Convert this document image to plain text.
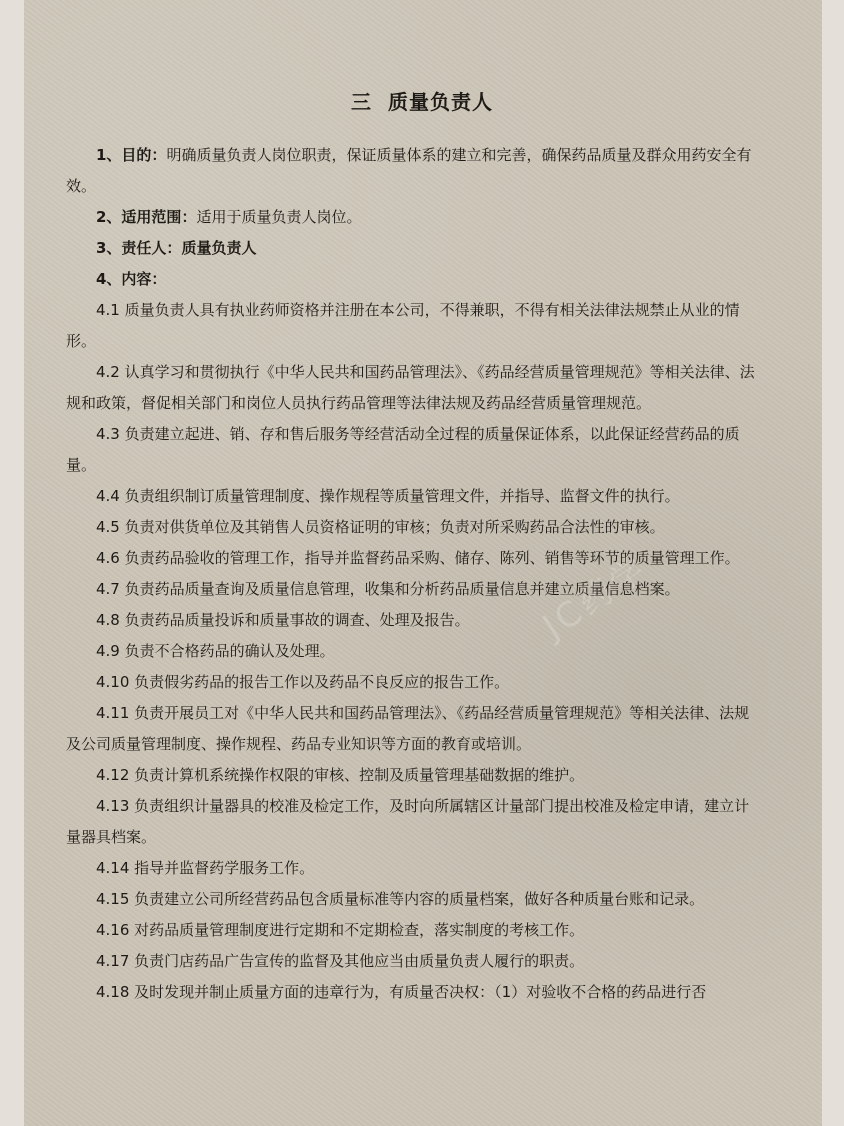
三  质量负责人

1、目的：明确质量负责人岗位职责，保证质量体系的建立和完善，确保药品质量及群众用药安全有效。

2、适用范围：适用于质量负责人岗位。

3、责任人：质量负责人

4、内容：

4.1 质量负责人具有执业药师资格并注册在本公司，不得兼职，不得有相关法律法规禁止从业的情形。

4.2 认真学习和贯彻执行《中华人民共和国药品管理法》、《药品经营质量管理规范》等相关法律、法规和政策，督促相关部门和岗位人员执行药品管理等法律法规及药品经营质量管理规范。

4.3 负责建立起进、销、存和售后服务等经营活动全过程的质量保证体系，以此保证经营药品的质量。

4.4 负责组织制订质量管理制度、操作规程等质量管理文件，并指导、监督文件的执行。

4.5 负责对供货单位及其销售人员资格证明的审核；负责对所采购药品合法性的审核。

4.6 负责药品验收的管理工作，指导并监督药品采购、储存、陈列、销售等环节的质量管理工作。

4.7 负责药品质量查询及质量信息管理，收集和分析药品质量信息并建立质量信息档案。

4.8 负责药品质量投诉和质量事故的调查、处理及报告。

4.9 负责不合格药品的确认及处理。

4.10 负责假劣药品的报告工作以及药品不良反应的报告工作。

4.11 负责开展员工对《中华人民共和国药品管理法》、《药品经营质量管理规范》等相关法律、法规及公司质量管理制度、操作规程、药品专业知识等方面的教育或培训。

4.12 负责计算机系统操作权限的审核、控制及质量管理基础数据的维护。

4.13 负责组织计量器具的校准及检定工作，及时向所属辖区计量部门提出校准及检定申请，建立计量器具档案。

4.14 指导并监督药学服务工作。

4.15 负责建立公司所经营药品包含质量标准等内容的质量档案，做好各种质量台账和记录。

4.16 对药品质量管理制度进行定期和不定期检查，落实制度的考核工作。

4.17 负责门店药品广告宣传的监督及其他应当由质量负责人履行的职责。

4.18 及时发现并制止质量方面的违章行为，有质量否决权：（1）对验收不合格的药品进行否

JC药学
